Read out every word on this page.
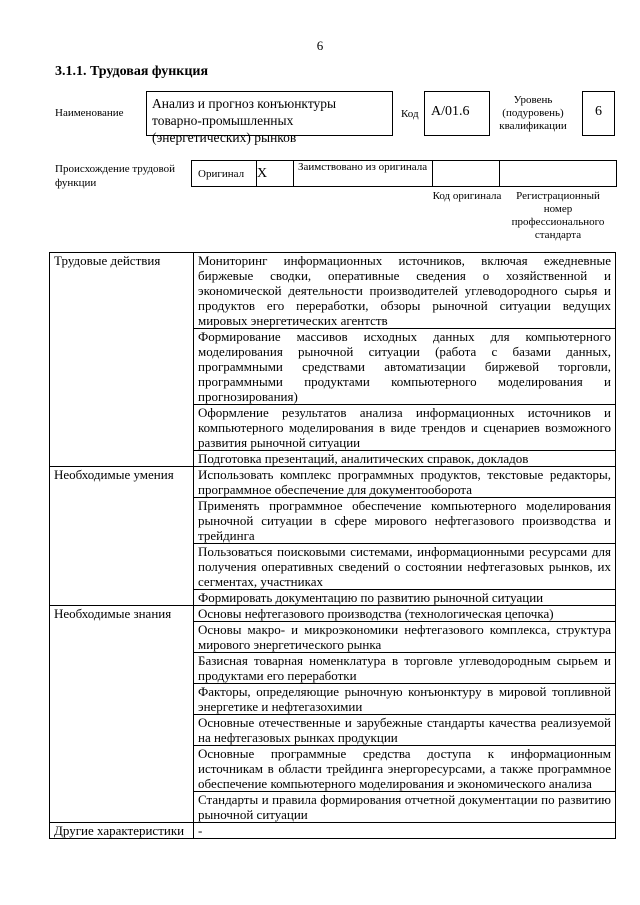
6
3.1.1. Трудовая функция
Наименование
Анализ и прогноз конъюнктуры товарно-промышленных (энергетических) рынков
Код А/01.6
Уровень (подуровень) квалификации
6
Происхождение трудовой функции
Оригинал	X	Заимствовано из оригинала		
Код оригинала	Регистрационный номер профессионального стандарта
Трудовые действия	Мониторинг информационных источников, включая ежедневные биржевые сводки, оперативные сведения о хозяйственной и экономической деятельности производителей углеводородного сырья и продуктов его переработки, обзоры рыночной ситуации ведущих мировых энергетических агентств
	Формирование массивов исходных данных для компьютерного моделирования рыночной ситуации (работа с базами данных, программными средствами автоматизации биржевой торговли, программными продуктами компьютерного моделирования и прогнозирования)
	Оформление результатов анализа информационных источников и компьютерного моделирования в виде трендов и сценариев возможного развития рыночной ситуации
	Подготовка презентаций, аналитических справок, докладов
Необходимые умения	Использовать комплекс программных продуктов, текстовые редакторы, программное обеспечение для документооборота
	Применять программное обеспечение компьютерного моделирования рыночной ситуации в сфере мирового нефтегазового производства и трейдинга
	Пользоваться поисковыми системами, информационными ресурсами для получения оперативных сведений о состоянии нефтегазовых рынков, их сегментах, участниках
	Формировать документацию по развитию рыночной ситуации
Необходимые знания	Основы нефтегазового производства (технологическая цепочка)
	Основы макро- и микроэкономики нефтегазового комплекса, структура мирового энергетического рынка
	Базисная товарная номенклатура в торговле углеводородным сырьем и продуктами его переработки
	Факторы, определяющие рыночную конъюнктуру в мировой топливной энергетике и нефтегазохимии
	Основные отечественные и зарубежные стандарты качества реализуемой на нефтегазовых рынках продукции
	Основные программные средства доступа к информационным источникам в области трейдинга энергоресурсами, а также программное обеспечение компьютерного моделирования и экономического анализа
	Стандарты и правила формирования отчетной документации по развитию рыночной ситуации
Другие характеристики	-
